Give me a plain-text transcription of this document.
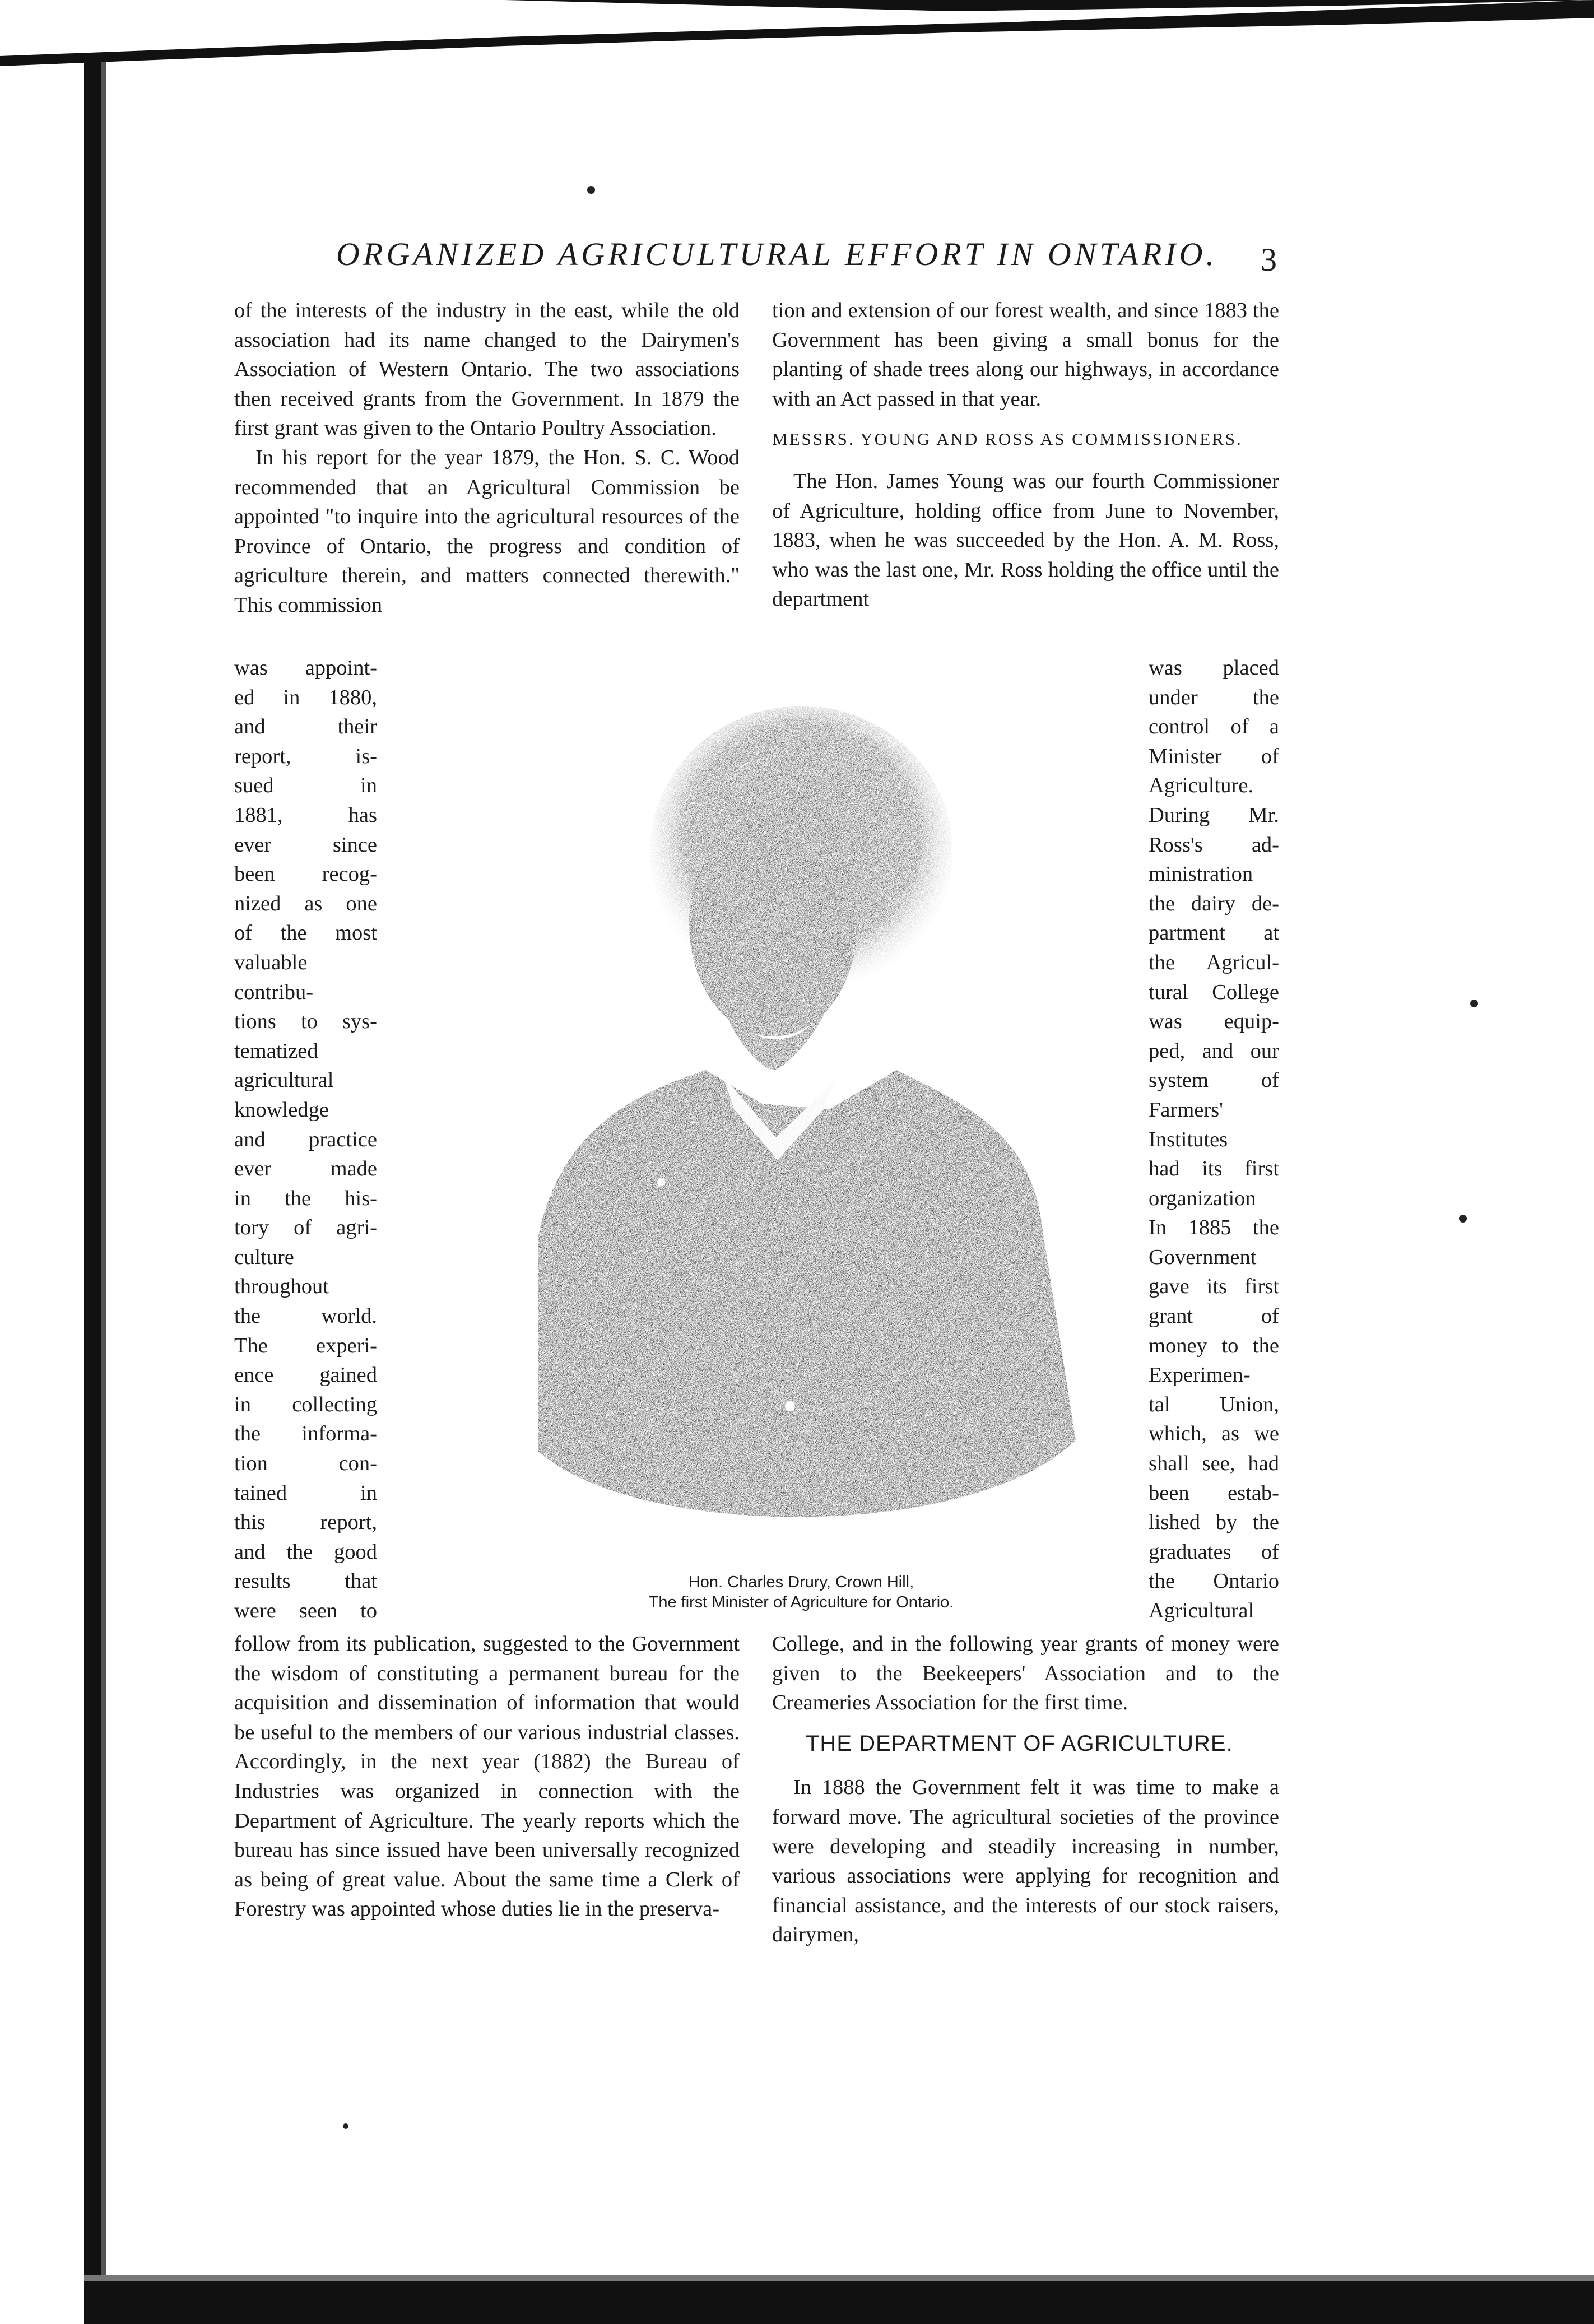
ORGANIZED AGRICULTURAL EFFORT IN ONTARIO. 3

of the interests of the industry in the east, while the old association had its name changed to the Dairymen's Association of Western Ontario. The two associations then received grants from the Government. In 1879 the first grant was given to the Ontario Poultry Association.

In his report for the year 1879, the Hon. S. C. Wood recommended that an Agricultural Commission be appointed "to inquire into the agricultural resources of the Province of Ontario, the progress and condition of agriculture therein, and matters connected therewith." This commission

tion and extension of our forest wealth, and since 1883 the Government has been giving a small bonus for the planting of shade trees along our highways, in accordance with an Act passed in that year.

MESSRS. YOUNG AND ROSS AS COMMISSIONERS.

The Hon. James Young was our fourth Commissioner of Agriculture, holding office from June to November, 1883, when he was succeeded by the Hon. A. M. Ross, who was the last one, Mr. Ross holding the office until the department

was appoint-
ed in 1880,
and	their
report,	is-
sued	in
1881,	has
ever	since
been recog-
nized as one
of the most
valuable
contribu-
tions to sys-
tematized
agricultural
knowledge
and practice
ever	made
in the his-
tory of agri-
culture
throughout
the	world.
The experi-
ence gained
in collecting
the informa-
tion	con-
tained	in
this	report,
and the good
results	that
were seen to
was placed
under	the
control of a
Minister of
Agriculture.
During Mr.
Ross's ad-
ministration
the dairy de-
partment at
the Agricul-
tural College
was equip-
ped, and our
system of
Farmers'
Institutes
had its first
organization
In 1885 the
Government
gave its first
grant	of
money to the
Experimen-
tal Union,
which, as we
shall see, had
been estab-
lished by the
graduates of
the Ontario
Agricultural
Hon. Charles Drury, Crown Hill,
The first Minister of Agriculture for Ontario.

follow from its publication, suggested to the Government the wisdom of constituting a permanent bureau for the acquisition and dissemination of information that would be useful to the members of our various industrial classes. Accordingly, in the next year (1882) the Bureau of Industries was organized in connection with the Department of Agriculture. The yearly reports which the bureau has since issued have been universally recognized as being of great value. About the same time a Clerk of Forestry was appointed whose duties lie in the preserva-

College, and in the following year grants of money were given to the Beekeepers' Association and to the Creameries Association for the first time.

THE DEPARTMENT OF AGRICULTURE.

In 1888 the Government felt it was time to make a forward move. The agricultural societies of the province were developing and steadily increasing in number, various associations were applying for recognition and financial assistance, and the interests of our stock raisers, dairymen,
